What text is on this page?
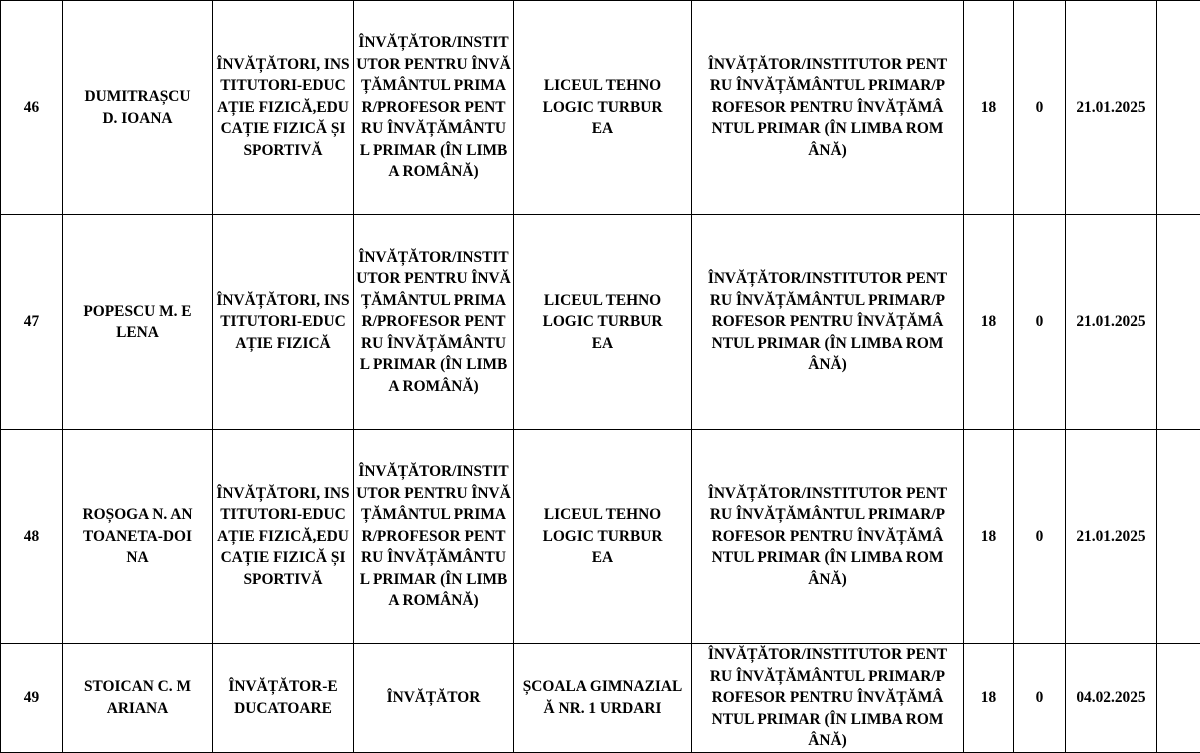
46	DUMITRAȘCU D. IOANA	ÎNVĂȚĂTORI, INSTITUTORI-EDUCAȚIE FIZICĂ,EDUCAȚIE FIZICĂ ȘI SPORTIVĂ	ÎNVĂȚĂTOR/INSTITUTOR PENTRU ÎNVĂȚĂMÂNTUL PRIMAR/PROFESOR PENTRU ÎNVĂȚĂMÂNTUL PRIMAR (ÎN LIMBA ROMÂNĂ)	LICEUL TEHNOLOGIC TURBUREA	ÎNVĂȚĂTOR/INSTITUTOR PENTRU ÎNVĂȚĂMÂNTUL PRIMAR/PROFESOR PENTRU ÎNVĂȚĂMÂNTUL PRIMAR (ÎN LIMBA ROMÂNĂ)	18	0	21.01.2025	
47	POPESCU M. ELENA	ÎNVĂȚĂTORI, INSTITUTORI-EDUCAȚIE FIZICĂ	ÎNVĂȚĂTOR/INSTITUTOR PENTRU ÎNVĂȚĂMÂNTUL PRIMAR/PROFESOR PENTRU ÎNVĂȚĂMÂNTUL PRIMAR (ÎN LIMBA ROMÂNĂ)	LICEUL TEHNOLOGIC TURBUREA	ÎNVĂȚĂTOR/INSTITUTOR PENTRU ÎNVĂȚĂMÂNTUL PRIMAR/PROFESOR PENTRU ÎNVĂȚĂMÂNTUL PRIMAR (ÎN LIMBA ROMÂNĂ)	18	0	21.01.2025	
48	ROȘOGA N. ANTOANETA-DOINA	ÎNVĂȚĂTORI, INSTITUTORI-EDUCAȚIE FIZICĂ,EDUCAȚIE FIZICĂ ȘI SPORTIVĂ	ÎNVĂȚĂTOR/INSTITUTOR PENTRU ÎNVĂȚĂMÂNTUL PRIMAR/PROFESOR PENTRU ÎNVĂȚĂMÂNTUL PRIMAR (ÎN LIMBA ROMÂNĂ)	LICEUL TEHNOLOGIC TURBUREA	ÎNVĂȚĂTOR/INSTITUTOR PENTRU ÎNVĂȚĂMÂNTUL PRIMAR/PROFESOR PENTRU ÎNVĂȚĂMÂNTUL PRIMAR (ÎN LIMBA ROMÂNĂ)	18	0	21.01.2025	
49	STOICAN C. MARIANA	ÎNVĂȚĂTOR-EDUCATOARE	ÎNVĂȚĂTOR	ȘCOALA GIMNAZIALĂ NR. 1 URDARI	ÎNVĂȚĂTOR/INSTITUTOR PENTRU ÎNVĂȚĂMÂNTUL PRIMAR/PROFESOR PENTRU ÎNVĂȚĂMÂNTUL PRIMAR (ÎN LIMBA ROMÂNĂ)	18	0	04.02.2025	
